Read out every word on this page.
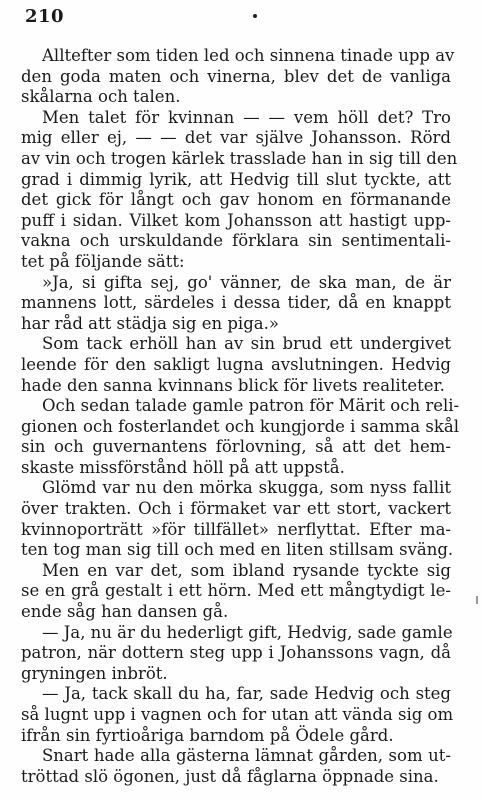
210
Alltefter som tiden led och sinnena tinade upp av
den goda maten och vinerna, blev det de vanliga
skålarna och talen.
Men talet för kvinnan — — vem höll det? Tro
mig eller ej, — — det var själve Johansson. Rörd
av vin och trogen kärlek trasslade han in sig till den
grad i dimmig lyrik, att Hedvig till slut tyckte, att
det gick för långt och gav honom en förmanande
puff i sidan. Vilket kom Johansson att hastigt upp-
vakna och urskuldande förklara sin sentimentali-
tet på följande sätt:
»Ja, si gifta sej, go' vänner, de ska man, de är
mannens lott, särdeles i dessa tider, då en knappt
har råd att städja sig en piga.»
Som tack erhöll han av sin brud ett undergivet
leende för den sakligt lugna avslutningen. Hedvig
hade den sanna kvinnans blick för livets realiteter.
Och sedan talade gamle patron för Märit och reli-
gionen och fosterlandet och kungjorde i samma skål
sin och guvernantens förlovning, så att det hem-
skaste missförstånd höll på att uppstå.
Glömd var nu den mörka skugga, som nyss fallit
över trakten. Och i förmaket var ett stort, vackert
kvinnoporträtt »för tillfället» nerflyttat. Efter ma-
ten tog man sig till och med en liten stillsam sväng.
Men en var det, som ibland rysande tyckte sig
se en grå gestalt i ett hörn. Med ett mångtydigt le-
ende såg han dansen gå.
— Ja, nu är du hederligt gift, Hedvig, sade gamle
patron, när dottern steg upp i Johanssons vagn, då
gryningen inbröt.
— Ja, tack skall du ha, far, sade Hedvig och steg
så lugnt upp i vagnen och for utan att vända sig om
ifrån sin fyrtioåriga barndom på Ödele gård.
Snart hade alla gästerna lämnat gården, som ut-
tröttad slö ögonen, just då fåglarna öppnade sina.
